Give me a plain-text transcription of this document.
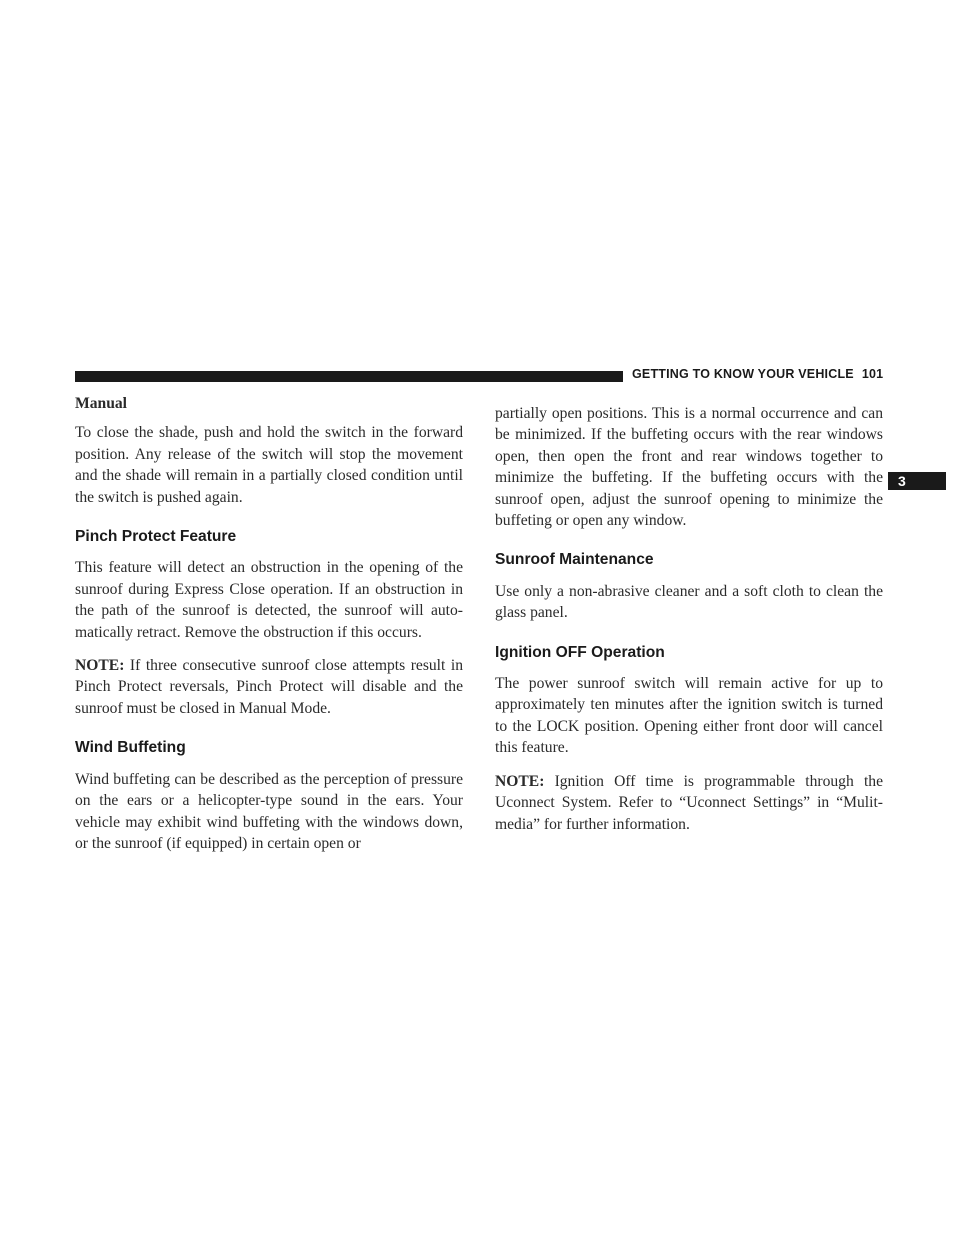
GETTING TO KNOW YOUR VEHICLE 101
3

Manual

To close the shade, push and hold the switch in the forward position. Any release of the switch will stop the movement and the shade will remain in a partially closed condition until the switch is pushed again.

Pinch Protect Feature

This feature will detect an obstruction in the opening of the sunroof during Express Close operation. If an obstruction in the path of the sunroof is detected, the sunroof will auto-matically retract. Remove the obstruction if this occurs.

NOTE: If three consecutive sunroof close attempts result in Pinch Protect reversals, Pinch Protect will disable and the sunroof must be closed in Manual Mode.

Wind Buffeting

Wind buffeting can be described as the perception of pressure on the ears or a helicopter-type sound in the ears. Your vehicle may exhibit wind buffeting with the windows down, or the sunroof (if equipped) in certain open or

partially open positions. This is a normal occurrence and can be minimized. If the buffeting occurs with the rear windows open, then open the front and rear windows together to minimize the buffeting. If the buffeting occurs with the sunroof open, adjust the sunroof opening to minimize the buffeting or open any window.

Sunroof Maintenance

Use only a non-abrasive cleaner and a soft cloth to clean the glass panel.

Ignition OFF Operation

The power sunroof switch will remain active for up to approximately ten minutes after the ignition switch is turned to the LOCK position. Opening either front door will cancel this feature.

NOTE: Ignition Off time is programmable through the Uconnect System. Refer to “Uconnect Settings” in “Mulit-media” for further information.
